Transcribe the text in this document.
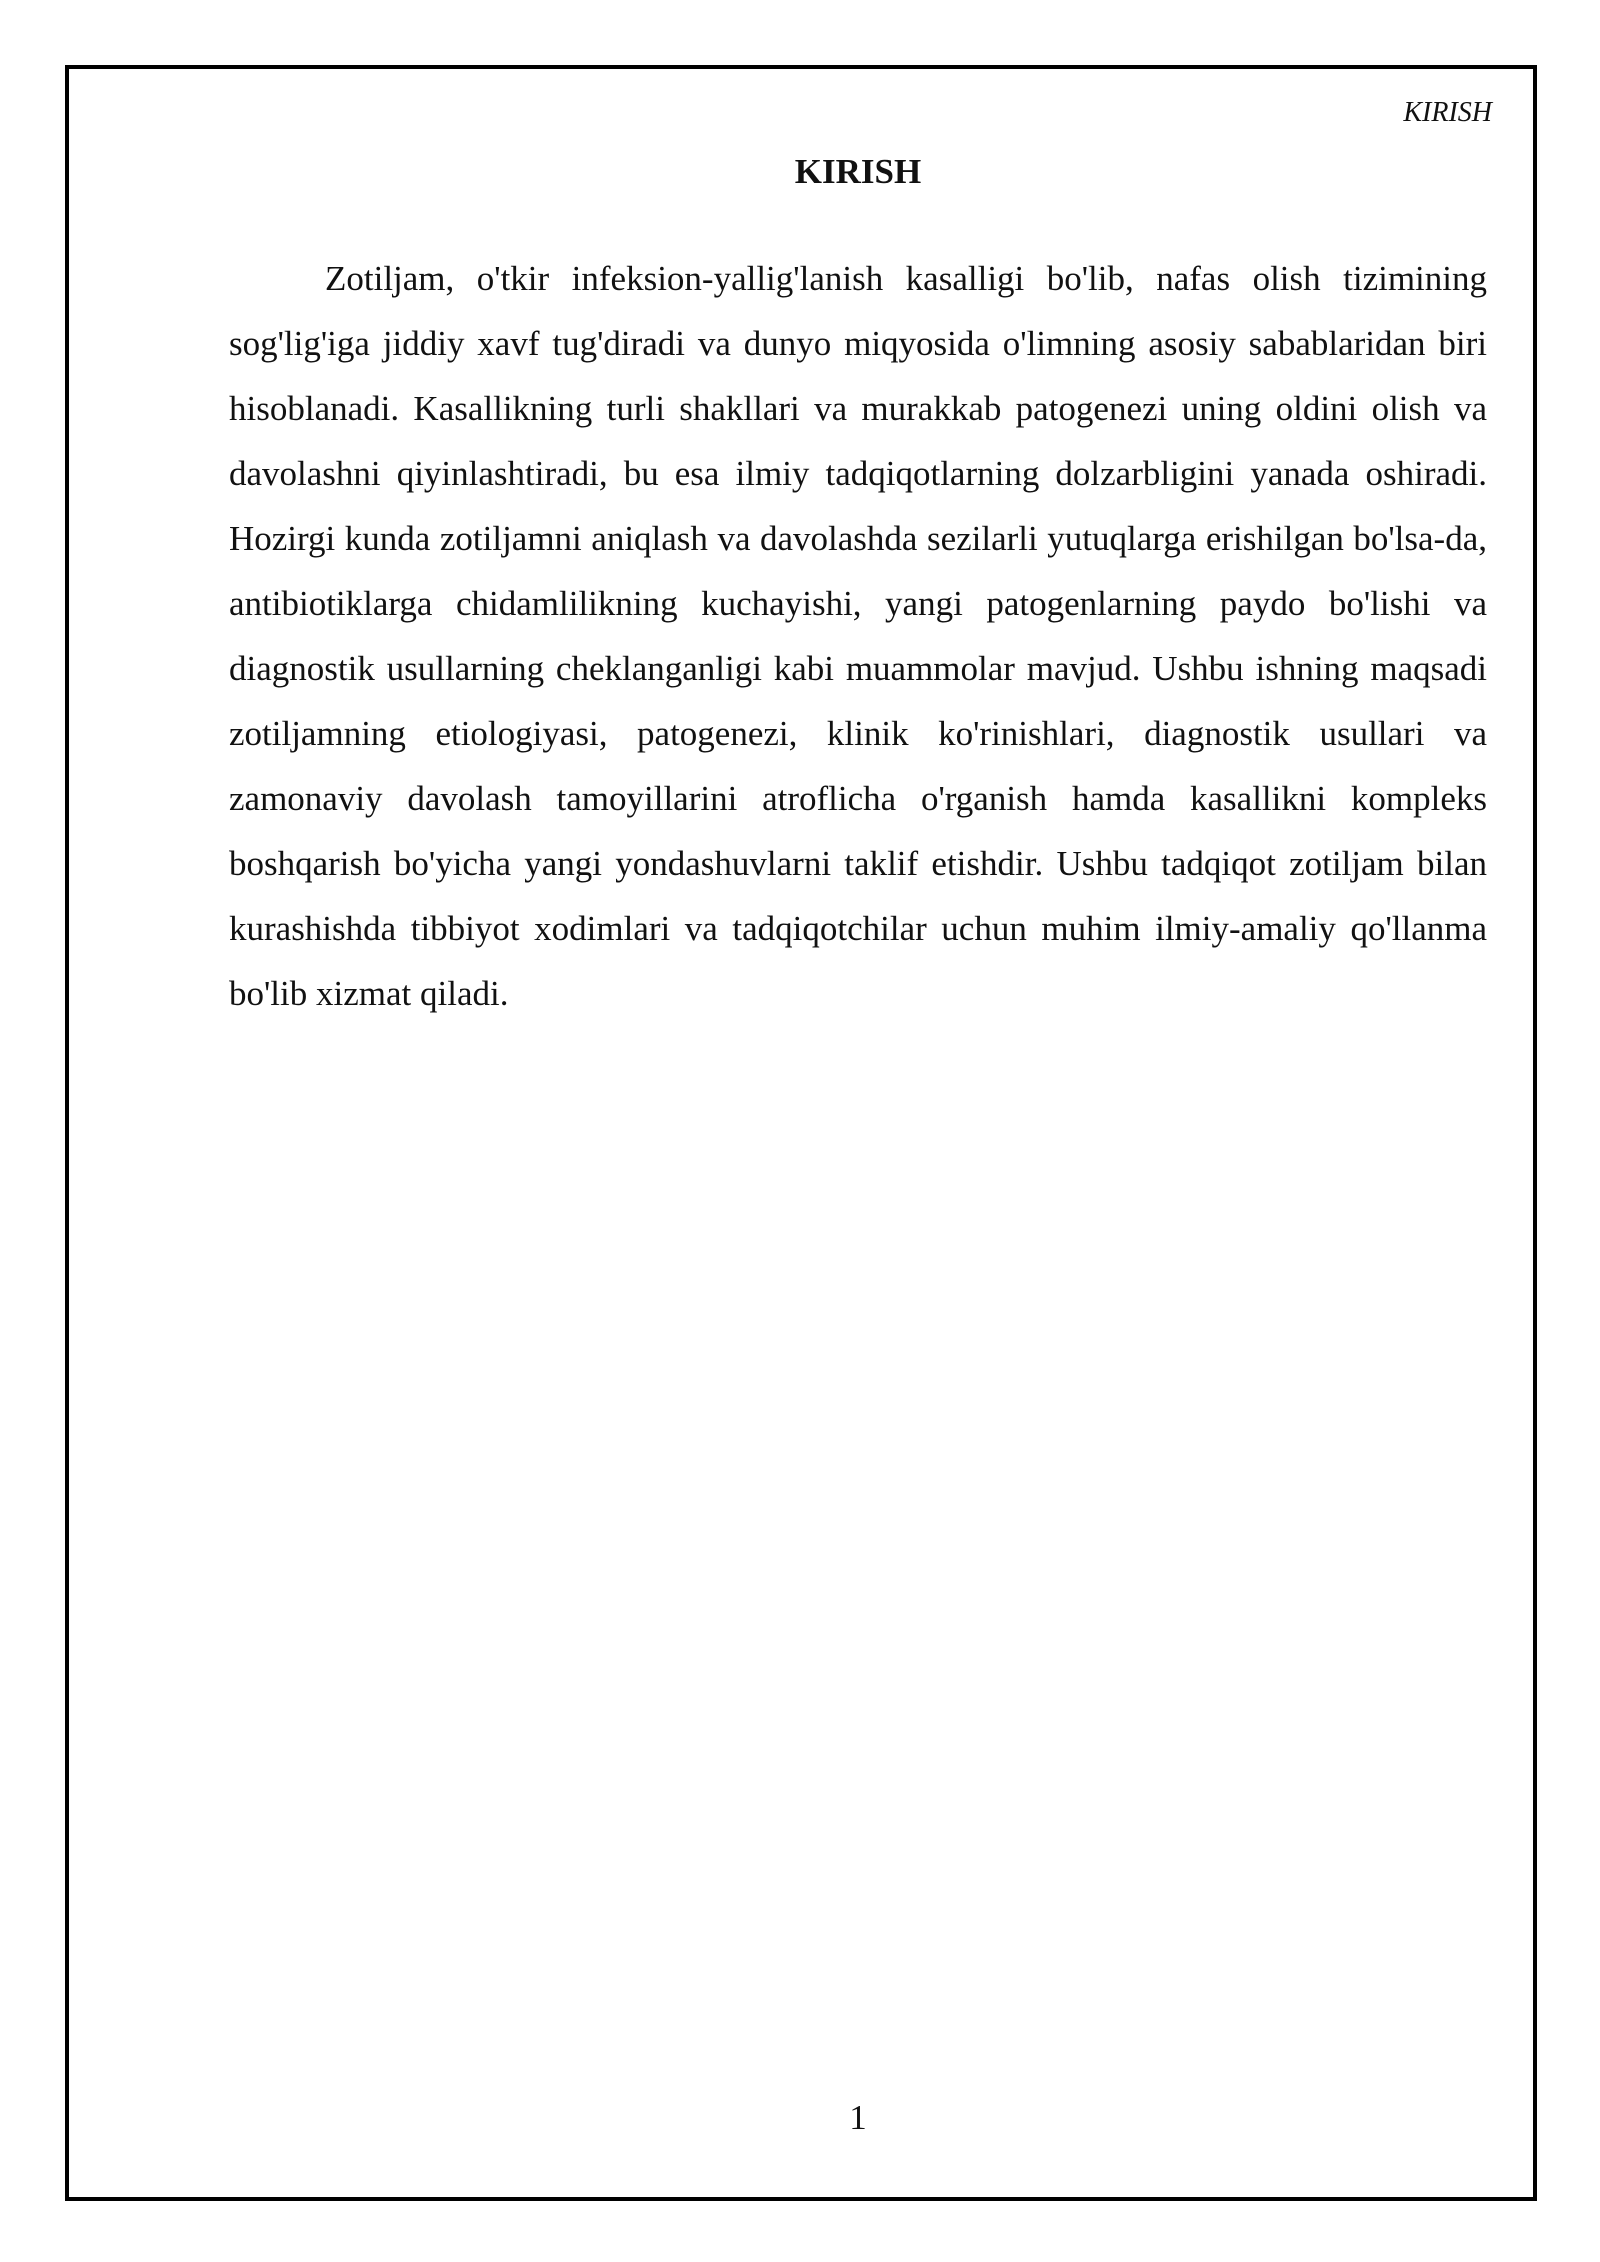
KIRISH
KIRISH

Zotiljam, o'tkir infeksion-yallig'lanish kasalligi bo'lib, nafas olish tizimining sog'lig'iga jiddiy xavf tug'diradi va dunyo miqyosida o'limning asosiy sabablaridan biri hisoblanadi. Kasallikning turli shakllari va murakkab patogenezi uning oldini olish va davolashni qiyinlashtiradi, bu esa ilmiy tadqiqotlarning dolzarbligini yanada oshiradi. Hozirgi kunda zotiljamni aniqlash va davolashda sezilarli yutuqlarga erishilgan bo'lsa-da, antibiotiklarga chidamlilikning kuchayishi, yangi patogenlarning paydo bo'lishi va diagnostik usullarning cheklanganligi kabi muammolar mavjud. Ushbu ishning maqsadi zotiljamning etiologiyasi, patogenezi, klinik ko'rinishlari, diagnostik usullari va zamonaviy davolash tamoyillarini atroflicha o'rganish hamda kasallikni kompleks boshqarish bo'yicha yangi yondashuvlarni taklif etishdir. Ushbu tadqiqot zotiljam bilan kurashishda tibbiyot xodimlari va tadqiqotchilar uchun muhim ilmiy-amaliy qo'llanma bo'lib xizmat qiladi.

1
